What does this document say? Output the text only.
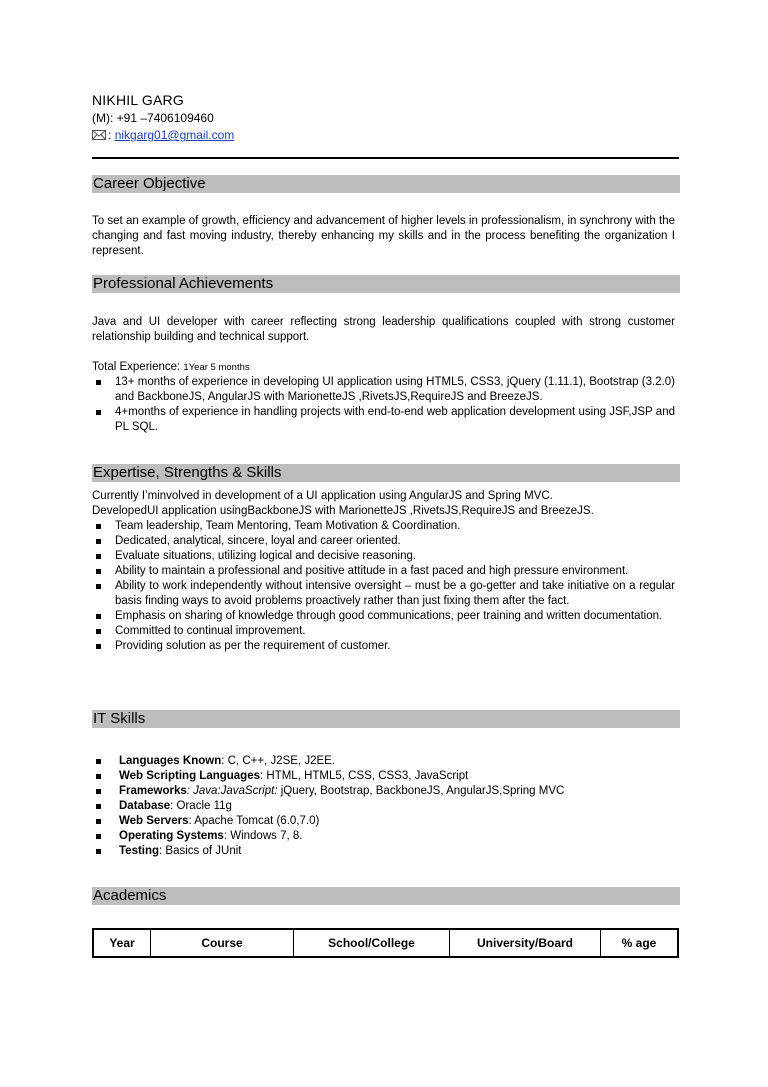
NIKHIL GARG
(M): +91 –7406109460
:
nikgarg01@gmail.com
Career Objective
To set an example of growth, efficiency and advancement of higher levels in professionalism, in synchrony with the changing and fast moving industry, thereby enhancing my skills and in the process benefiting the organization I represent.
Professional Achievements
Java and UI developer with career reflecting strong leadership qualifications coupled with strong customer relationship building and technical support.
Total Experience: 1Year 5 months
13+ months of experience in developing UI application using HTML5, CSS3, jQuery (1.11.1), Bootstrap (3.2.0) and BackboneJS, AngularJS with MarionetteJS ,RivetsJS,RequireJS and BreezeJS.
4+months of experience in handling projects with end-to-end web application development using JSF,JSP and PL SQL.
Expertise, Strengths & Skills
Currently I’minvolved in development of a UI application using AngularJS and Spring MVC.
DevelopedUI application usingBackboneJS with MarionetteJS ,RivetsJS,RequireJS and BreezeJS.
Team leadership, Team Mentoring, Team Motivation & Coordination.
Dedicated, analytical, sincere, loyal and career oriented.
Evaluate situations, utilizing logical and decisive reasoning.
Ability to maintain a professional and positive attitude in a fast paced and high pressure environment.
Ability to work independently without intensive oversight – must be a go-getter and take initiative on a regular basis finding ways to avoid problems proactively rather than just fixing them after the fact.
Emphasis on sharing of knowledge through good communications, peer training and written documentation.
Committed to continual improvement.
Providing solution as per the requirement of customer.
IT Skills
Languages Known: C, C++, J2SE, J2EE.
Web Scripting Languages: HTML, HTML5, CSS, CSS3, JavaScript
Frameworks: Java:JavaScript: jQuery, Bootstrap, BackboneJS, AngularJS,Spring MVC
Database: Oracle 11g
Web Servers: Apache Tomcat (6.0,7.0)
Operating Systems: Windows 7, 8.
Testing: Basics of JUnit
Academics
Year	Course	School/College	University/Board	% age
